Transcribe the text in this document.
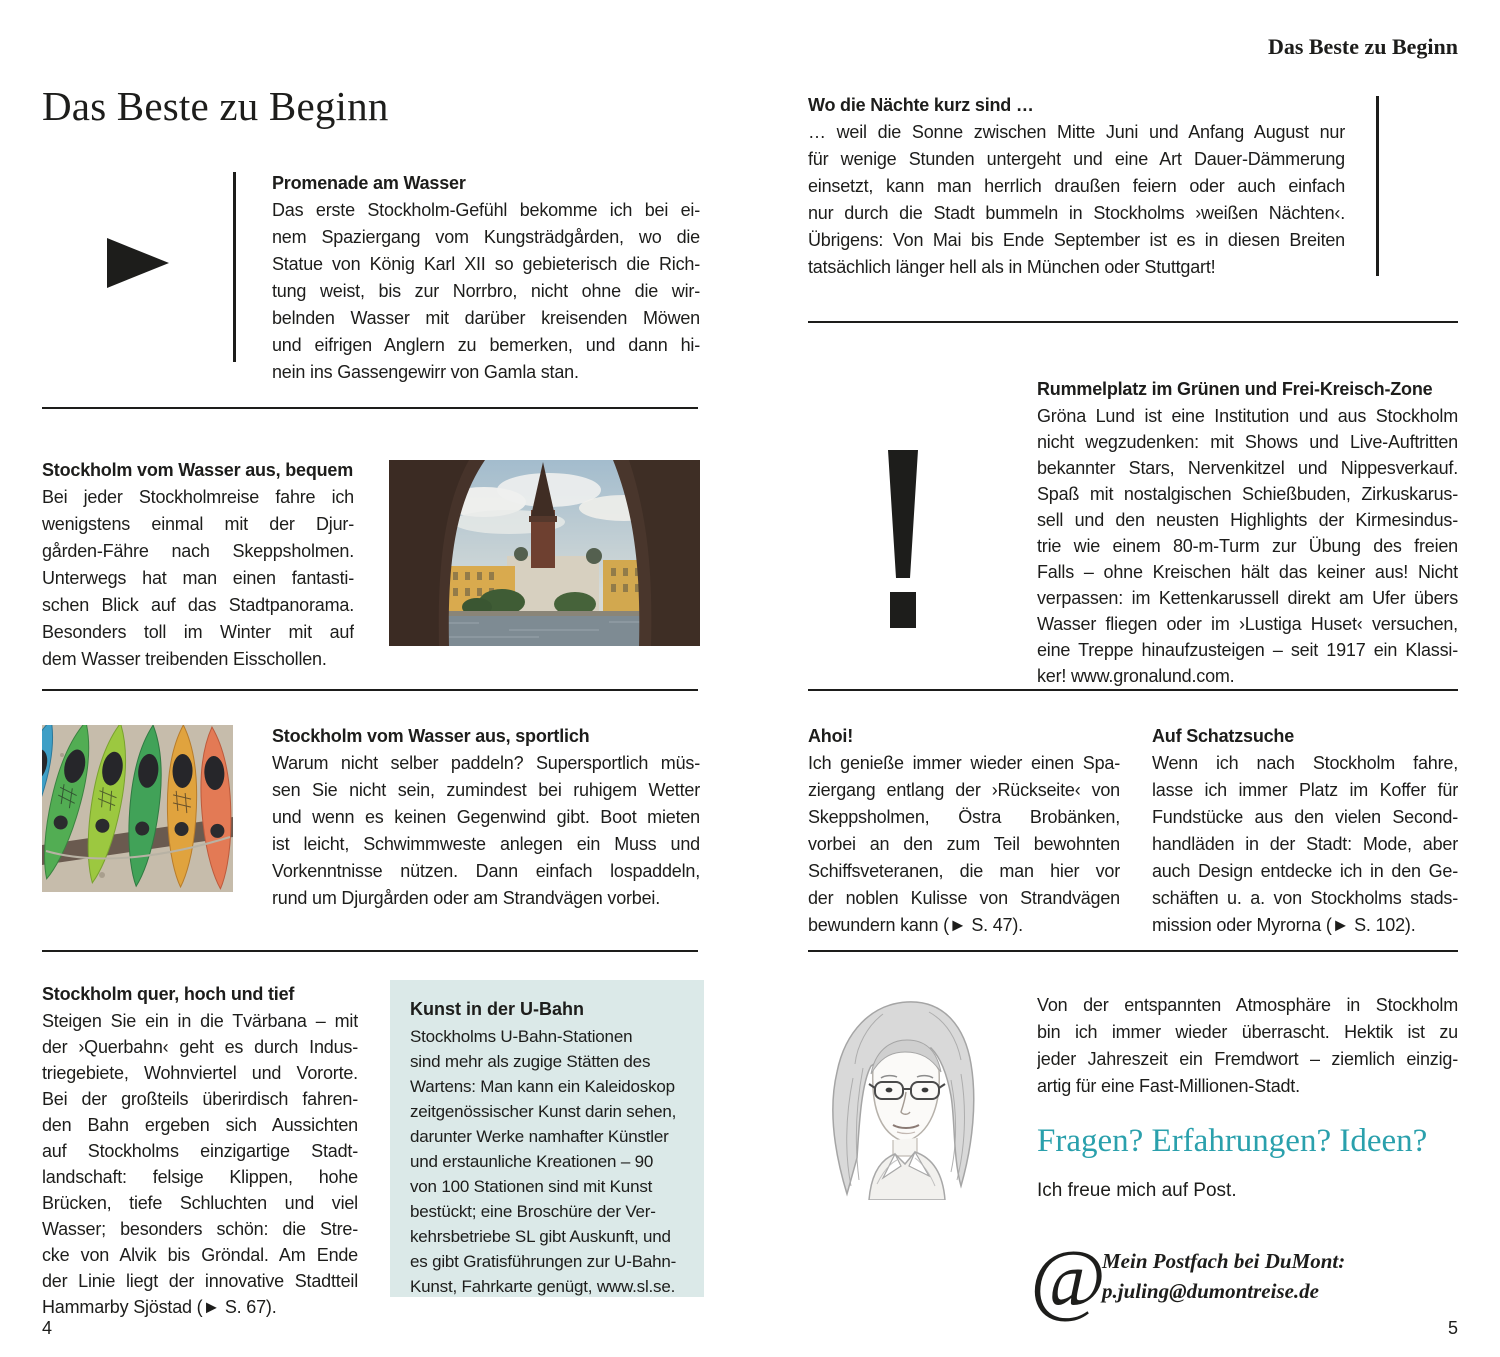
Das Beste zu Beginn
Promenade am Wasser
Das erste Stockholm-Gefühl bekomme ich bei ei-
nem Spaziergang vom Kungsträdgården, wo die
Statue von König Karl XII so gebieterisch die Rich-
tung weist, bis zur Norrbro, nicht ohne die wir-
belnden Wasser mit darüber kreisenden Möwen
und eifrigen Anglern zu bemerken, und dann hi-
nein ins Gassengewirr von Gamla stan.
Stockholm vom Wasser aus, bequem
Bei jeder Stockholmreise fahre ich
wenigstens einmal mit der Djur-
gården-Fähre nach Skeppsholmen.
Unterwegs hat man einen fantasti-
schen Blick auf das Stadtpanorama.
Besonders toll im Winter mit auf
dem Wasser treibenden Eisschollen.
Stockholm vom Wasser aus, sportlich
Warum nicht selber paddeln? Supersportlich müs-
sen Sie nicht sein, zumindest bei ruhigem Wetter
und wenn es keinen Gegenwind gibt. Boot mieten
ist leicht, Schwimmweste anlegen ein Muss und
Vorkenntnisse nützen. Dann einfach lospaddeln,
rund um Djurgården oder am Strandvägen vorbei.
Stockholm quer, hoch und tief
Steigen Sie ein in die Tvärbana – mit
der ›Querbahn‹ geht es durch Indus-
triegebiete, Wohnviertel und Vororte.
Bei der großteils überirdisch fahren-
den Bahn ergeben sich Aussichten
auf Stockholms einzigartige Stadt-
landschaft: felsige Klippen, hohe
Brücken, tiefe Schluchten und viel
Wasser; besonders schön: die Stre-
cke von Alvik bis Gröndal. Am Ende
der Linie liegt der innovative Stadtteil
Hammarby Sjöstad (► S. 67).
Kunst in der U-Bahn
Stockholms U-Bahn-Stationen
sind mehr als zugige Stätten des
Wartens: Man kann ein Kaleidoskop
zeitgenössischer Kunst darin sehen,
darunter Werke namhafter Künstler
und erstaunliche Kreationen – 90
von 100 Stationen sind mit Kunst
bestückt; eine Broschüre der Ver-
kehrsbetriebe SL gibt Auskunft, und
es gibt Gratisführungen zur U-Bahn-
Kunst, Fahrkarte genügt, www.sl.se.
4
Das Beste zu Beginn
Wo die Nächte kurz sind …
… weil die Sonne zwischen Mitte Juni und Anfang August nur
für wenige Stunden untergeht und eine Art Dauer-Dämmerung
einsetzt, kann man herrlich draußen feiern oder auch einfach
nur durch die Stadt bummeln in Stockholms ›weißen Nächten‹.
Übrigens: Von Mai bis Ende September ist es in diesen Breiten
tatsächlich länger hell als in München oder Stuttgart!
Rummelplatz im Grünen und Frei-Kreisch-Zone
Gröna Lund ist eine Institution und aus Stockholm
nicht wegzudenken: mit Shows und Live-Auftritten
bekannter Stars, Nervenkitzel und Nippesverkauf.
Spaß mit nostalgischen Schießbuden, Zirkuskarus-
sell und den neusten Highlights der Kirmesindus-
trie wie einem 80-m-Turm zur Übung des freien
Falls – ohne Kreischen hält das keiner aus! Nicht
verpassen: im Kettenkarussell direkt am Ufer übers
Wasser fliegen oder im ›Lustiga Huset‹ versuchen,
eine Treppe hinaufzusteigen – seit 1917 ein Klassi-
ker! www.gronalund.com.
Ahoi!
Ich genieße immer wieder einen Spa-
ziergang entlang der ›Rückseite‹ von
Skeppsholmen, Östra Brobänken,
vorbei an den zum Teil bewohnten
Schiffsveteranen, die man hier vor
der noblen Kulisse von Strandvägen
bewundern kann (► S. 47).
Auf Schatzsuche
Wenn ich nach Stockholm fahre,
lasse ich immer Platz im Koffer für
Fundstücke aus den vielen Second-
handläden in der Stadt: Mode, aber
auch Design entdecke ich in den Ge-
schäften u. a. von Stockholms stads-
mission oder Myrorna (► S. 102).
Von der entspannten Atmosphäre in Stockholm
bin ich immer wieder überrascht. Hektik ist zu
jeder Jahreszeit ein Fremdwort – ziemlich einzig-
artig für eine Fast-Millionen-Stadt.
Fragen? Erfahrungen? Ideen?

Ich freue mich auf Post.

@
Mein Postfach bei DuMont:
p.juling@dumontreise.de
5
